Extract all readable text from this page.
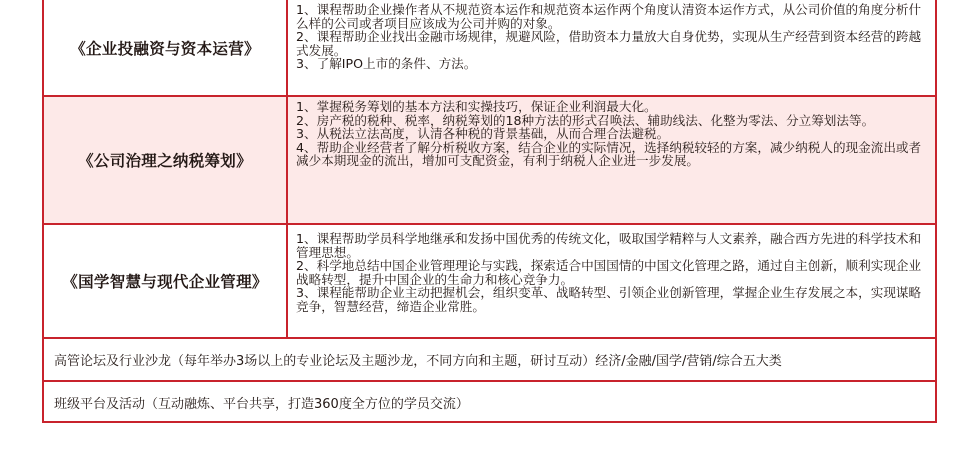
《企业投融资与资本运营》

1、课程帮助企业操作者从不规范资本运作和规范资本运作两个角度认清资本运作方式，从公司价值的角度分析什么样的公司或者项目应该成为公司并购的对象。

2、课程帮助企业找出金融市场规律，规避风险，借助资本力量放大自身优势，实现从生产经营到资本经营的跨越式发展。

3、了解IPO上市的条件、方法。

《公司治理之纳税筹划》

1、掌握税务筹划的基本方法和实操技巧，保证企业利润最大化。

2、房产税的税种、税率，纳税筹划的18种方法的形式召唤法、辅助线法、化整为零法、分立筹划法等。

3、从税法立法高度，认清各种税的背景基础，从而合理合法避税。

4、帮助企业经营者了解分析税收方案，结合企业的实际情况，选择纳税较轻的方案，减少纳税人的现金流出或者减少本期现金的流出，增加可支配资金，有利于纳税人企业进一步发展。

《国学智慧与现代企业管理》

1、课程帮助学员科学地继承和发扬中国优秀的传统文化，吸取国学精粹与人文素养，融合西方先进的科学技术和管理思想。

2、科学地总结中国企业管理理论与实践，探索适合中国国情的中国文化管理之路，通过自主创新，顺利实现企业战略转型，提升中国企业的生命力和核心竞争力。

3、课程能帮助企业主动把握机会，组织变革、战略转型、引领企业创新管理，掌握企业生存发展之本，实现谋略竞争，智慧经营，缔造企业常胜。

高管论坛及行业沙龙（每年举办3场以上的专业论坛及主题沙龙，不同方向和主题，研讨互动）经济/金融/国学/营销/综合五大类
班级平台及活动（互动融炼、平台共享，打造360度全方位的学员交流）
